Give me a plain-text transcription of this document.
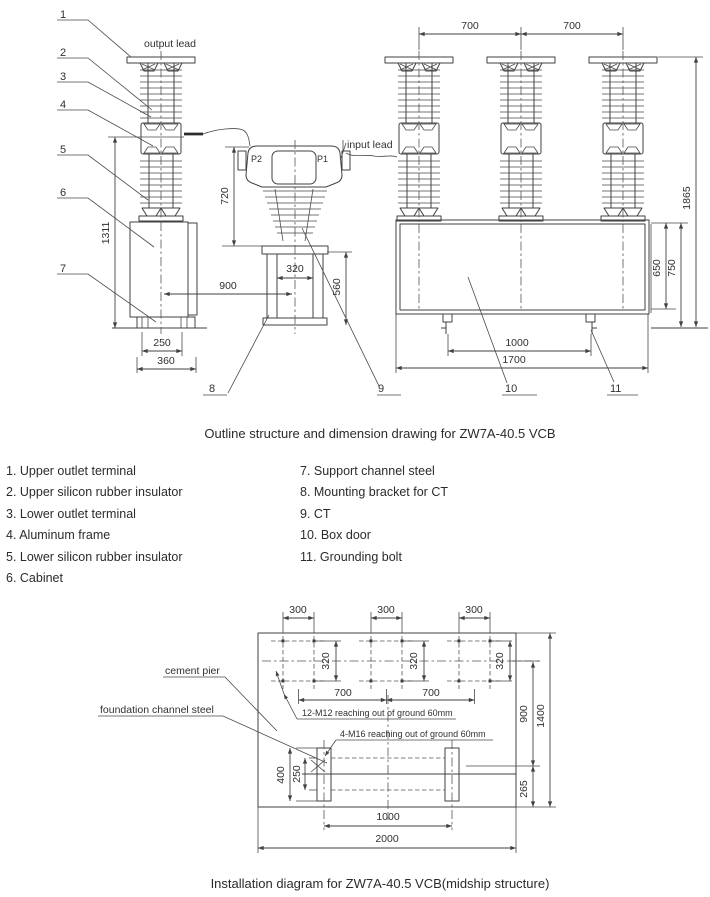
1311
900
250
360
720
320
560
700	700
650 750
1865
1000
1700
1
2
3
4
5
6
7
8	9	10	11
output lead
input lead
P2	P1
Outline structure and dimension drawing for ZW7A-40.5 VCB
1. Upper outlet terminal
2. Upper silicon rubber insulator
3. Lower outlet terminal
4. Aluminum frame
5. Lower silicon rubber insulator
6. Cabinet
7. Support channel steel
8. Mounting bracket for CT
9. CT
10. Box door
11. Grounding bolt
300	300	300
320	320	320
700	700
900
265
1400
400 250
1000
2000
cement pier
foundation channel steel	12-M12 reaching out of ground 60mm
4-M16 reaching out of ground 60mm
Installation diagram for ZW7A-40.5 VCB(midship structure)
